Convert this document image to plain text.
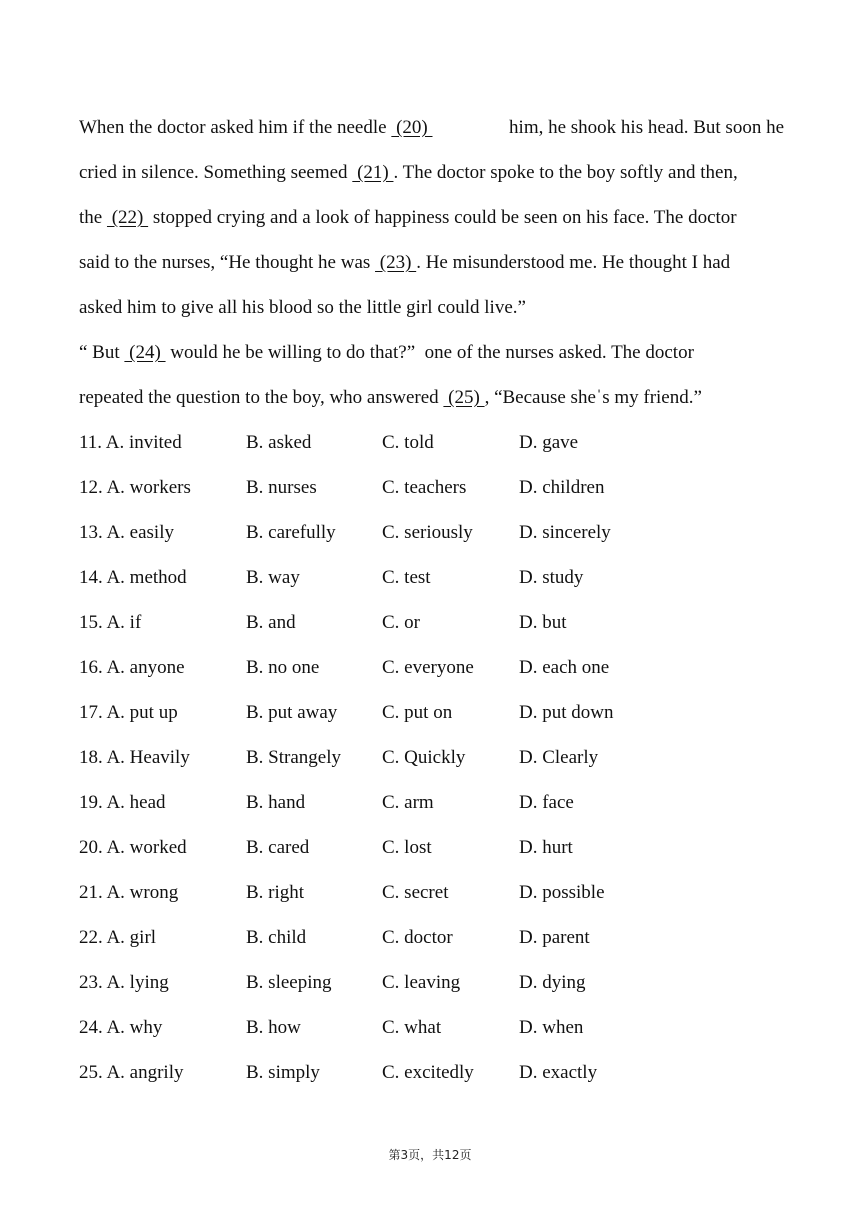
When the doctor asked him if the needle (20)	him, he shook his head. But soon he

cried in silence. Something seemed  (21) . The doctor spoke to the boy softly and then,

the  (22)  stopped crying and a look of happiness could be seen on his face. The doctor

said to the nurses, “He thought he was  (23) . He misunderstood me. He thought I had

asked him to give all his blood so the little girl could live.”

“ But  (24)  would he be willing to do that?”  one of the nurses asked. The doctor

repeated the question to the boy, who answered  (25) , “Because sheˈs my friend.”

11. A. invited	B. asked	C. told	D. gave
12. A. workers	B. nurses	C. teachers	D. children
13. A. easily	B. carefully C. seriously D. sincerely
14. A. method	B. way	C. test	D. study
15. A. if	B. and	C. or	D. but
16. A. anyone	B. no one	C. everyone D. each one
17. A. put up	B. put away C. put on	D. put down
18. A. Heavily	B. Strangely C. Quickly	D. Clearly
19. A. head	B. hand	C. arm	D. face
20. A. worked	B. cared	C. lost	D. hurt
21. A. wrong	B. right	C. secret	D. possible
22. A. girl	B. child	C. doctor	D. parent
23. A. lying	B. sleeping	C. leaving	D. dying
24. A. why	B. how	C. what	D. when
25. A. angrily	B. simply	C. excitedly D. exactly
第3页，共12页
